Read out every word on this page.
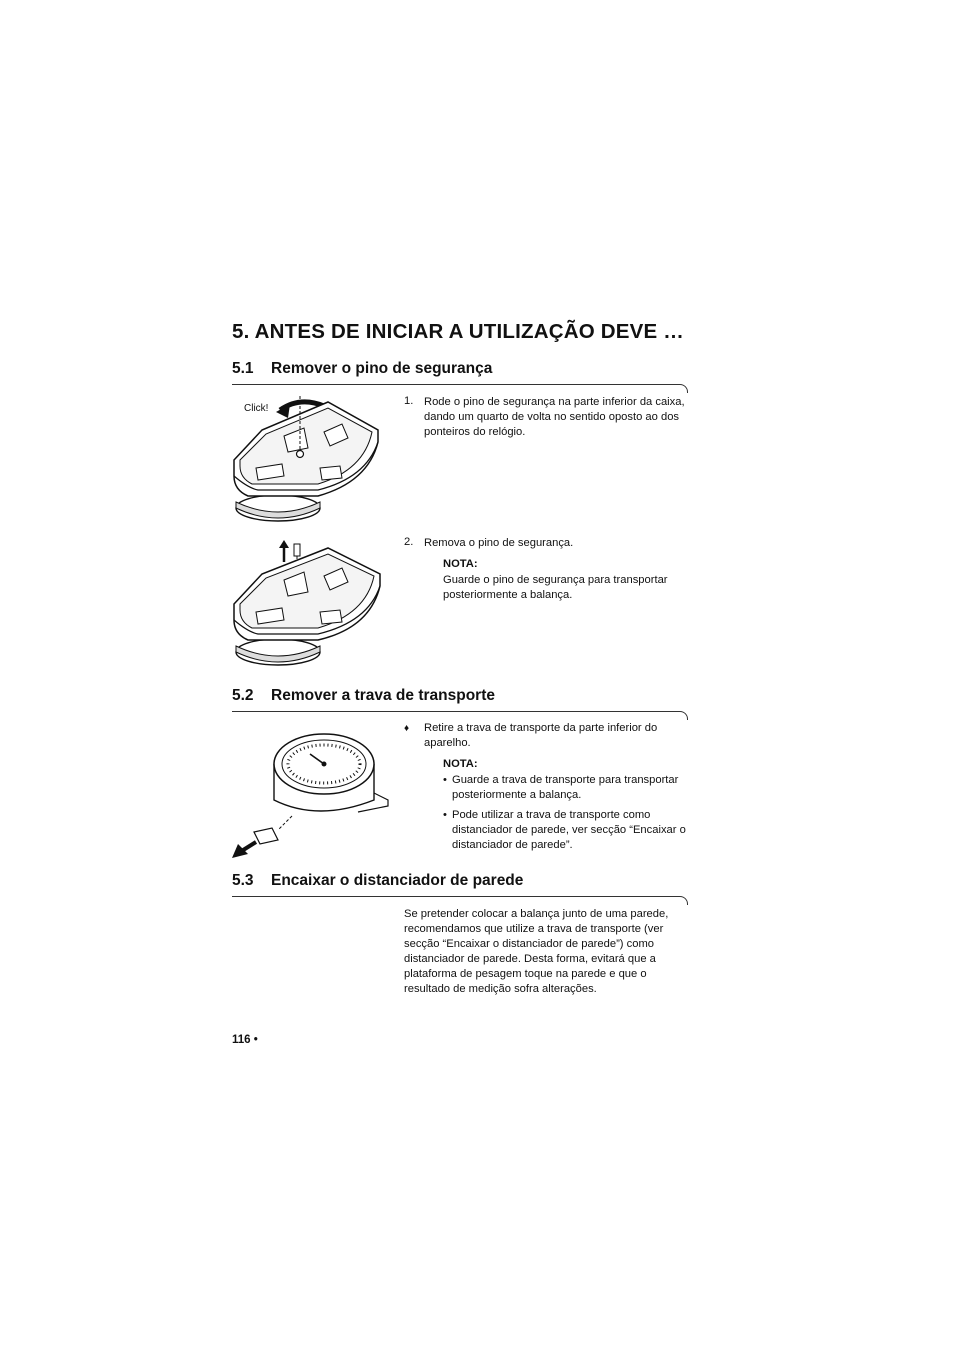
5. ANTES DE INICIAR A UTILIZAÇÃO DEVE …
5.1 Remover o pino de segurança
Click!
1. Rode o pino de segurança na parte inferior da caixa, dando um quarto de volta no sentido oposto ao dos ponteiros do relógio.
2. Remova o pino de segurança.
NOTA:
Guarde o pino de segurança para transportar posteriormente a balança.
5.2 Remover a trava de transporte
♦ Retire a trava de transporte da parte inferior do aparelho.
NOTA:
• Guarde a trava de transporte para transportar posteriormente a balança.
• Pode utilizar a trava de transporte como distanciador de parede, ver secção “Encaixar o distanciador de parede”.
5.3 Encaixar o distanciador de parede
Se pretender colocar a balança junto de uma parede, recomendamos que utilize a trava de transporte (ver secção “Encaixar o distanciador de parede”) como distanciador de parede. Desta forma, evitará que a plataforma de pesagem toque na parede e que o resultado de medição sofra alterações.
116 •
